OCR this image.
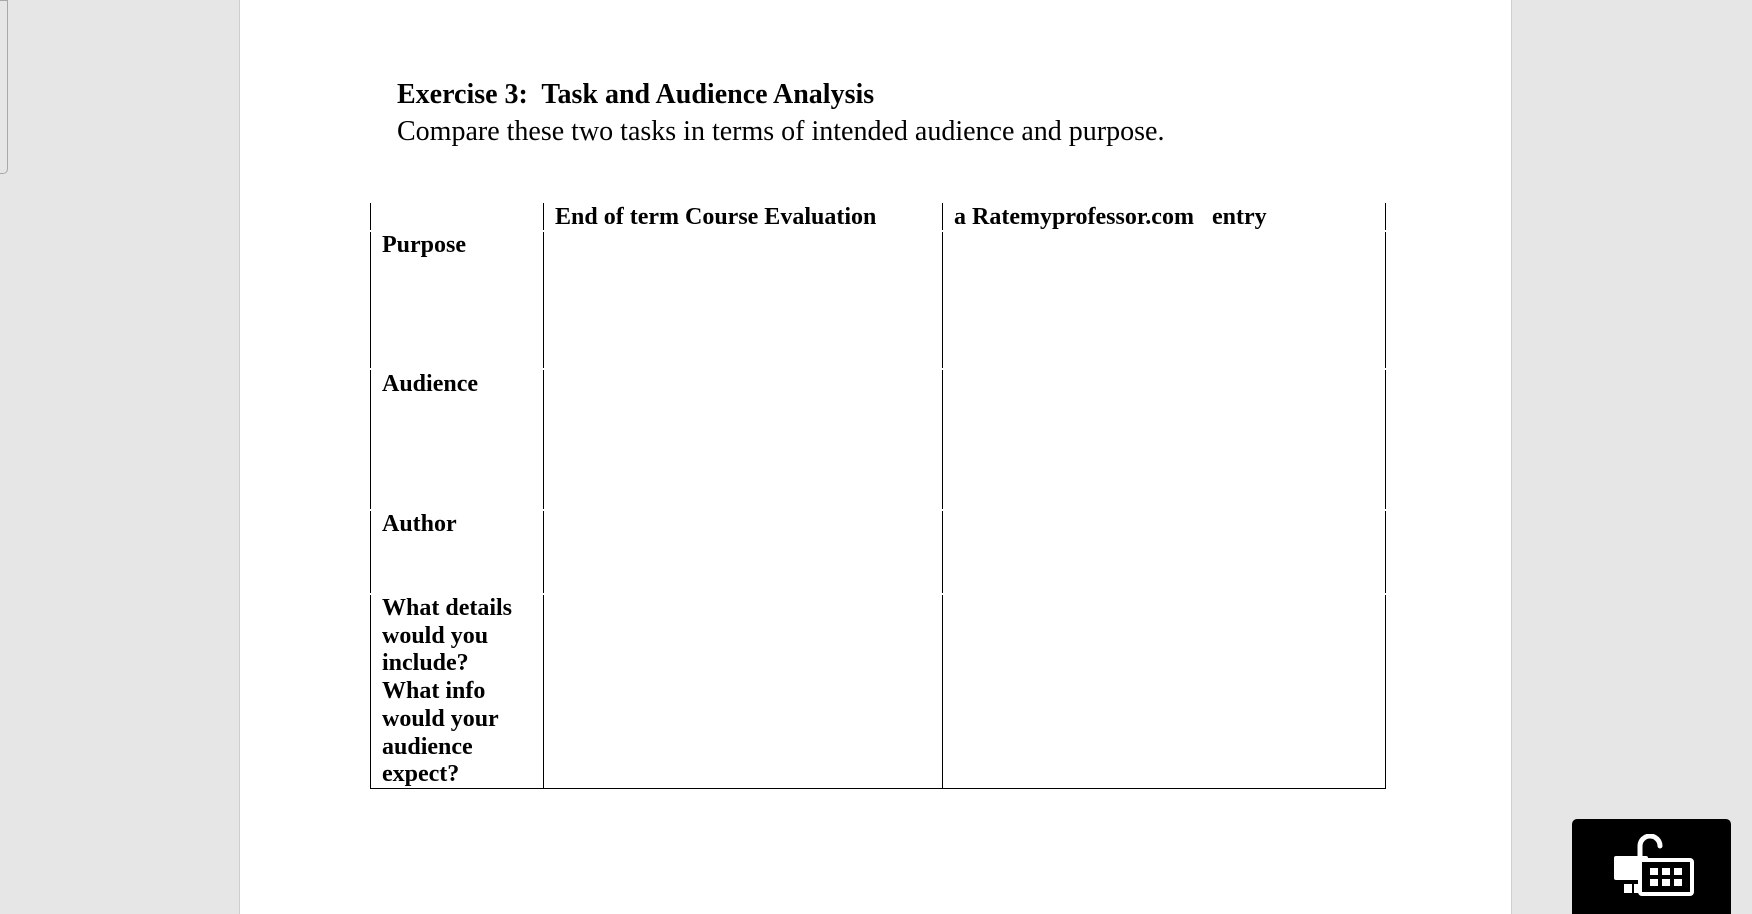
Exercise 3:  Task and Audience Analysis
Compare these two tasks in terms of intended audience and purpose.
End of term Course Evaluation	a Ratemyprofessor.com   entry
Purpose
Audience
Author
What details
would you
include?
What info
would your
audience
expect?
